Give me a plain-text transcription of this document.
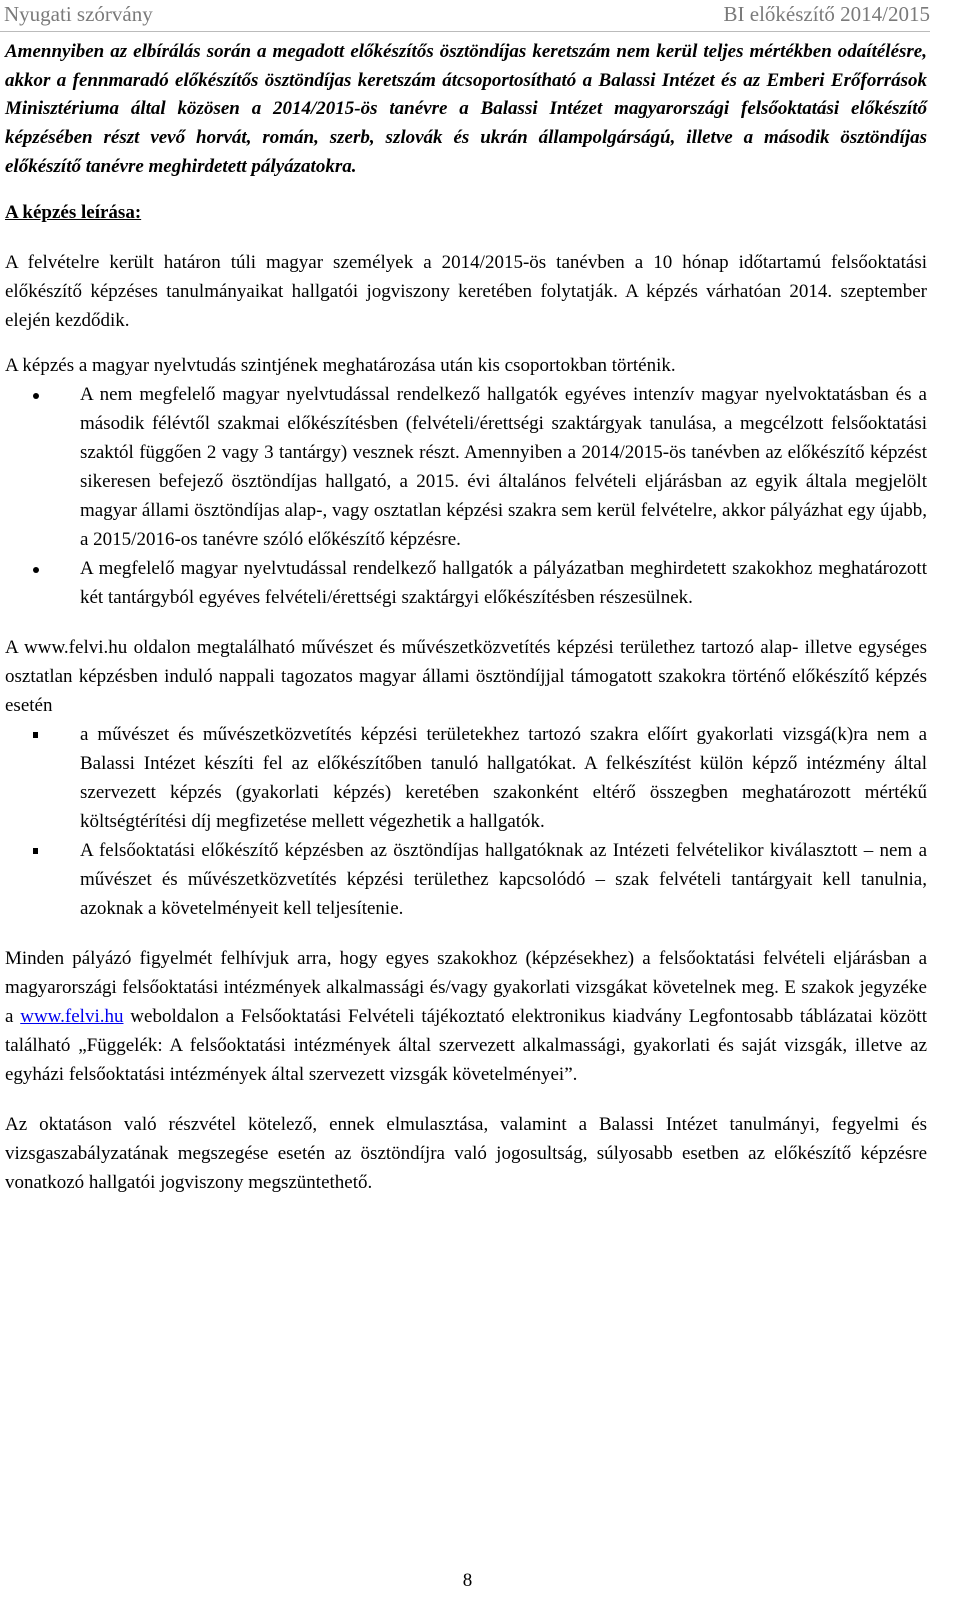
Nyugati szórvány	BI előkészítő 2014/2015

Amennyiben az elbírálás során a megadott előkészítős ösztöndíjas keretszám nem kerül teljes mértékben odaítélésre, akkor a fennmaradó előkészítős ösztöndíjas keretszám átcsoportosítható a Balassi Intézet és az Emberi Erőforrások Minisztériuma által közösen a 2014/2015-ös tanévre a Balassi Intézet magyarországi felsőoktatási előkészítő képzésében részt vevő horvát, román, szerb, szlovák és ukrán állampolgárságú, illetve a második ösztöndíjas előkészítő tanévre meghirdetett pályázatokra.

A képzés leírása:

A felvételre került határon túli magyar személyek a 2014/2015-ös tanévben a 10 hónap időtartamú felsőoktatási előkészítő képzéses tanulmányaikat hallgatói jogviszony keretében folytatják. A képzés várhatóan 2014. szeptember elején kezdődik.

A képzés a magyar nyelvtudás szintjének meghatározása után kis csoportokban történik.

A nem megfelelő magyar nyelvtudással rendelkező hallgatók egyéves intenzív magyar nyelvoktatásban és a második félévtől szakmai előkészítésben (felvételi/érettségi szaktárgyak tanulása, a megcélzott felsőoktatási szaktól függően 2 vagy 3 tantárgy) vesznek részt. Amennyiben a 2014/2015-ös tanévben az előkészítő képzést sikeresen befejező ösztöndíjas hallgató, a 2015. évi általános felvételi eljárásban az egyik általa megjelölt magyar állami ösztöndíjas alap-, vagy osztatlan képzési szakra sem kerül felvételre, akkor pályázhat egy újabb, a 2015/2016-os tanévre szóló előkészítő képzésre.
A megfelelő magyar nyelvtudással rendelkező hallgatók a pályázatban meghirdetett szakokhoz meghatározott két tantárgyból egyéves felvételi/érettségi szaktárgyi előkészítésben részesülnek.

A www.felvi.hu oldalon megtalálható művészet és művészetközvetítés képzési területhez tartozó alap- illetve egységes osztatlan képzésben induló nappali tagozatos magyar állami ösztöndíjjal támogatott szakokra történő előkészítő képzés esetén

a művészet és művészetközvetítés képzési területekhez tartozó szakra előírt gyakorlati vizsgá(k)ra nem a Balassi Intézet készíti fel az előkészítőben tanuló hallgatókat. A felkészítést külön képző intézmény által szervezett képzés (gyakorlati képzés) keretében szakonként eltérő összegben meghatározott mértékű költségtérítési díj megfizetése mellett végezhetik a hallgatók.
A felsőoktatási előkészítő képzésben az ösztöndíjas hallgatóknak az Intézeti felvételikor kiválasztott – nem a művészet és művészetközvetítés képzési területhez kapcsolódó – szak felvételi tantárgyait kell tanulnia, azoknak a követelményeit kell teljesítenie.

Minden pályázó figyelmét felhívjuk arra, hogy egyes szakokhoz (képzésekhez) a felsőoktatási felvételi eljárásban a magyarországi felsőoktatási intézmények alkalmassági és/vagy gyakorlati vizsgákat követelnek meg. E szakok jegyzéke a www.felvi.hu weboldalon a Felsőoktatási Felvételi tájékoztató elektronikus kiadvány Legfontosabb táblázatai között található „Függelék: A felsőoktatási intézmények által szervezett alkalmassági, gyakorlati és saját vizsgák, illetve az egyházi felsőoktatási intézmények által szervezett vizsgák követelményei”.

Az oktatáson való részvétel kötelező, ennek elmulasztása, valamint a Balassi Intézet tanulmányi, fegyelmi és vizsgaszabályzatának megszegése esetén az ösztöndíjra való jogosultság, súlyosabb esetben az előkészítő képzésre vonatkozó hallgatói jogviszony megszüntethető.

8
